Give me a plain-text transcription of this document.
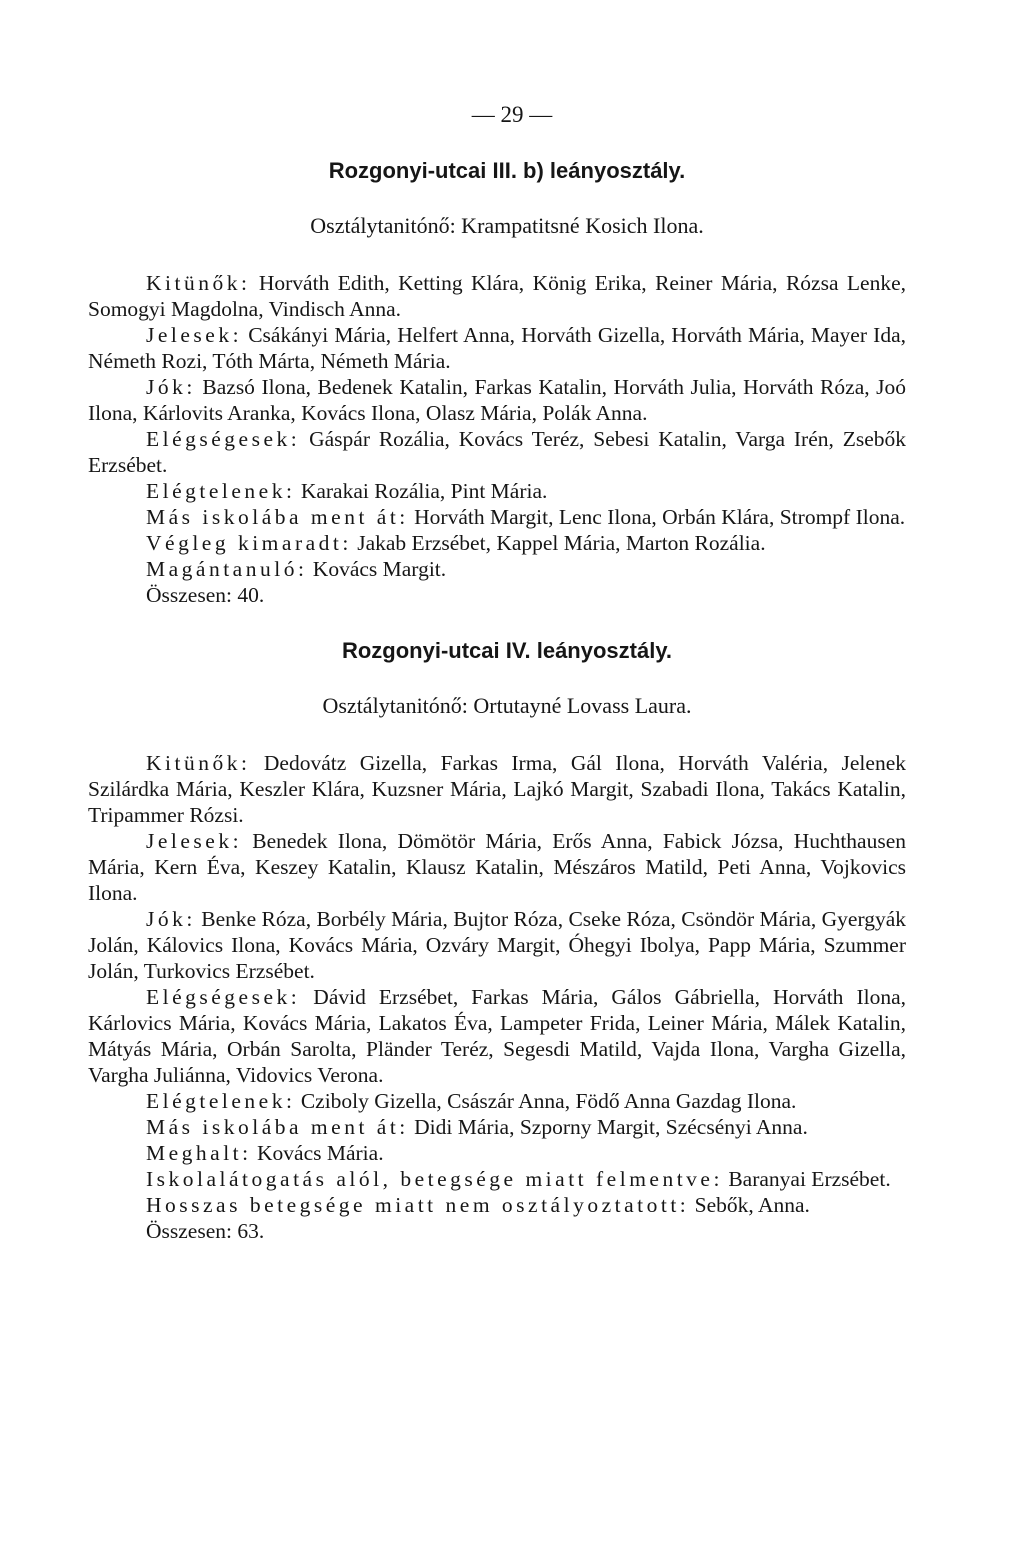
— 29 —
Rozgonyi-utcai III. b) leányosztály.
Osztálytanitónő: Krampatitsné Kosich Ilona.

Kitünők: Horváth Edith, Ketting Klára, König Erika, Reiner Mária, Rózsa Lenke, Somogyi Magdolna, Vindisch Anna.

Jelesek: Csákányi Mária, Helfert Anna, Horváth Gizella, Horváth Mária, Mayer Ida, Németh Rozi, Tóth Márta, Németh Mária.

Jók: Bazsó Ilona, Bedenek Katalin, Farkas Katalin, Horváth Julia, Horváth Róza, Joó Ilona, Kárlovits Aranka, Kovács Ilona, Olasz Mária, Polák Anna.

Elégségesek: Gáspár Rozália, Kovács Teréz, Sebesi Katalin, Varga Irén, Zsebők Erzsébet.

Elégtelenek: Karakai Rozália, Pint Mária.

Más iskolába ment át: Horváth Margit, Lenc Ilona, Orbán Klára, Strompf Ilona.

Végleg kimaradt: Jakab Erzsébet, Kappel Mária, Marton Rozália.

Magántanuló: Kovács Margit.

Összesen: 40.

Rozgonyi-utcai IV. leányosztály.
Osztálytanitónő: Ortutayné Lovass Laura.

Kitünők: Dedovátz Gizella, Farkas Irma, Gál Ilona, Horváth Valéria, Jelenek Szilárdka Mária, Keszler Klára, Kuzsner Mária, Lajkó Margit, Szabadi Ilona, Takács Katalin, Tripammer Rózsi.

Jelesek: Benedek Ilona, Dömötör Mária, Erős Anna, Fabick Józsa, Huchthausen Mária, Kern Éva, Keszey Katalin, Klausz Katalin, Mészáros Matild, Peti Anna, Vojkovics Ilona.

Jók: Benke Róza, Borbély Mária, Bujtor Róza, Cseke Róza, Csöndör Mária, Gyergyák Jolán, Kálovics Ilona, Kovács Mária, Ozváry Margit, Óhegyi Ibolya, Papp Mária, Szummer Jolán, Turkovics Erzsébet.

Elégségesek: Dávid Erzsébet, Farkas Mária, Gálos Gábriella, Horváth Ilona, Kárlovics Mária, Kovács Mária, Lakatos Éva, Lampeter Frida, Leiner Mária, Málek Katalin, Mátyás Mária, Orbán Sarolta, Pländer Teréz, Segesdi Matild, Vajda Ilona, Vargha Gizella, Vargha Juliánna, Vidovics Verona.

Elégtelenek: Cziboly Gizella, Császár Anna, Födő Anna Gazdag Ilona.

Más iskolába ment át: Didi Mária, Szporny Margit, Szécsényi Anna.

Meghalt: Kovács Mária.

Iskolalátogatás alól, betegsége miatt felmentve: Baranyai Erzsébet.

Hosszas betegsége miatt nem osztályoztatott: Sebők, Anna.

Összesen: 63.
